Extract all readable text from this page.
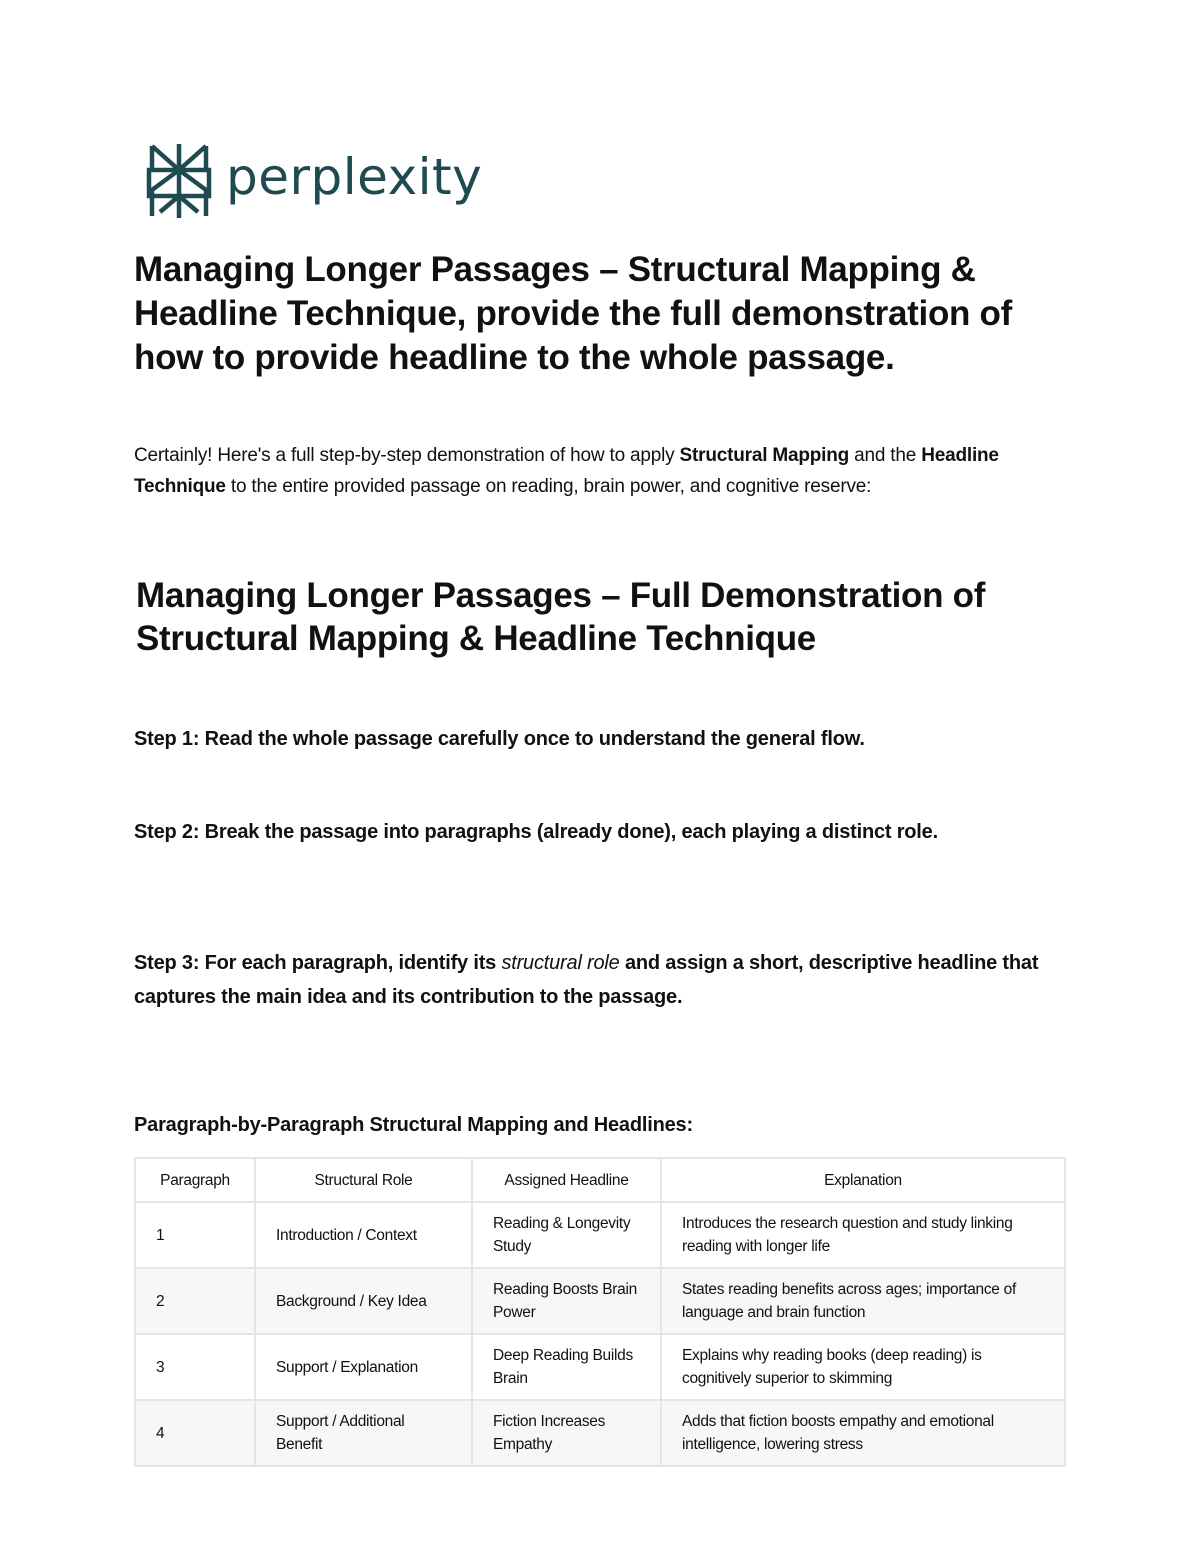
perplexity
Managing Longer Passages – Structural Mapping & Headline Technique, provide the full demonstration of how to provide headline to the whole passage.

Certainly! Here's a full step-by-step demonstration of how to apply Structural Mapping and the Headline Technique to the entire provided passage on reading, brain power, and cognitive reserve:

Managing Longer Passages – Full Demonstration of Structural Mapping & Headline Technique

Step 1: Read the whole passage carefully once to understand the general flow.

Step 2: Break the passage into paragraphs (already done), each playing a distinct role.

Step 3: For each paragraph, identify its structural role and assign a short, descriptive headline that captures the main idea and its contribution to the passage.

Paragraph-by-Paragraph Structural Mapping and Headlines:
Paragraph	Structural Role	Assigned Headline	Explanation
1	Introduction / Context	Reading & Longevity Study	Introduces the research question and study linking reading with longer life
2	Background / Key Idea	Reading Boosts Brain Power	States reading benefits across ages; importance of language and brain function
3	Support / Explanation	Deep Reading Builds Brain	Explains why reading books (deep reading) is cognitively superior to skimming
4	Support / Additional Benefit	Fiction Increases Empathy	Adds that fiction boosts empathy and emotional intelligence, lowering stress
